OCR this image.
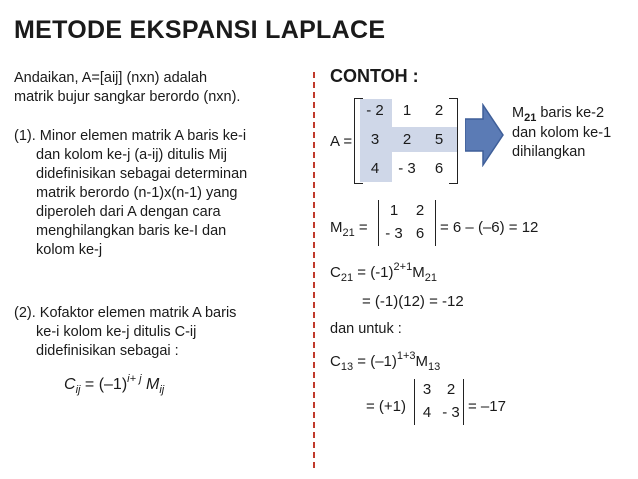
METODE EKSPANSI LAPLACE
Andaikan, A=[aij] (nxn) adalah
matrik bujur sangkar berordo (nxn).
(1). Minor elemen matrik A baris ke-i
dan kolom ke-j (a-ij) ditulis Mij
didefinisikan sebagai determinan
matrik berordo (n-1)x(n-1) yang
diperoleh dari A dengan cara
menghilangkan baris ke-I dan
kolom ke-j
(2). Kofaktor elemen matrik A baris
ke-i kolom ke-j ditulis C-ij
didefinisikan sebagai :
$C_{ij} = (-1)^{i+ j}$ $M_{ij}$
CONTOH :
A =
- 2	1	2
3	2	5
4	- 3	6
$M_{21}$ baris ke-2
dan kolom ke-1
dihilangkan
$M_{21}$ =
1	2
- 3 6	= 6 – (–6) = 12
$C_{21} = (-1)^{2+1}M_{21}$
= (-1)(12) = -12
dan untuk :
$C_{13} = (-1)^{1+3}M_{13}$
= (+1)
3	2
4 - 3 = –17
